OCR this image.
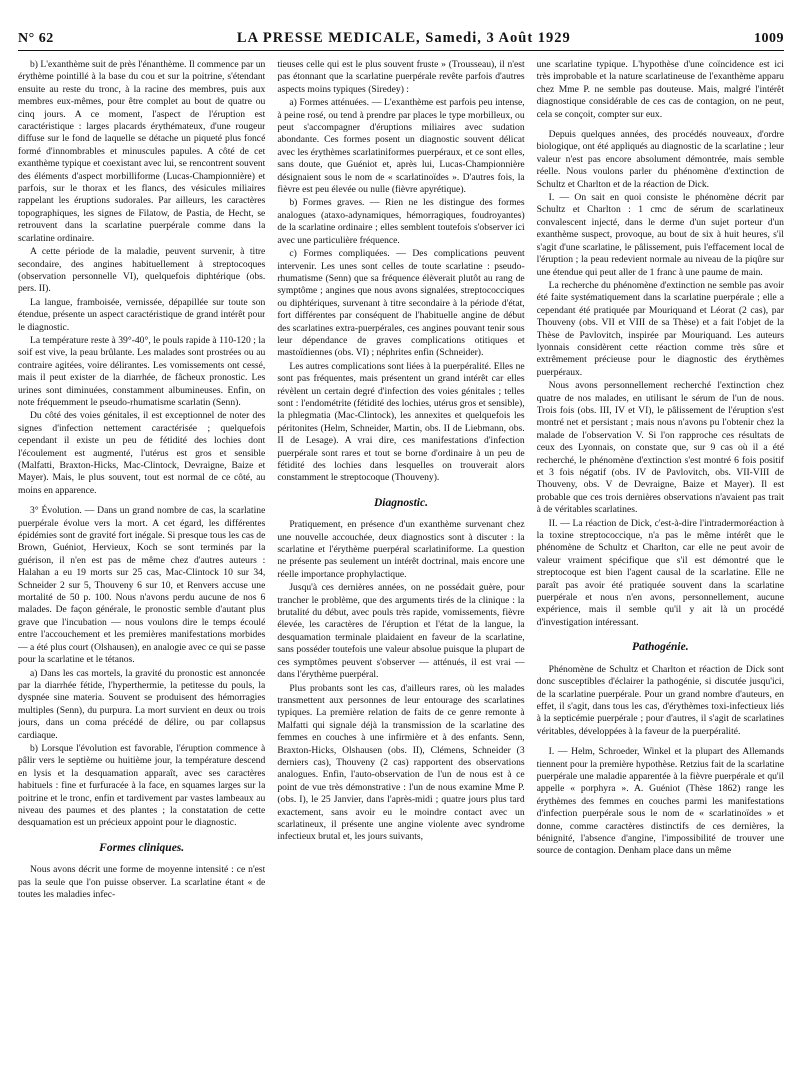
N° 62	LA PRESSE MEDICALE, Samedi, 3 Août 1929	1009

b) L'exanthème suit de près l'énanthème. Il commence par un érythème pointillé à la base du cou et sur la poitrine, s'étendant ensuite au reste du tronc, à la racine des membres, puis aux membres eux-mêmes, pour être complet au bout de quatre ou cinq jours. A ce moment, l'aspect de l'éruption est caractéristique : larges placards érythémateux, d'une rougeur diffuse sur le fond de laquelle se détache un piqueté plus foncé formé d'innombrables et minuscules papules. A côté de cet exanthème typique et coexistant avec lui, se rencontrent souvent des éléments d'aspect morbilliforme (Lucas-Championnière) et parfois, sur le thorax et les flancs, des vésicules miliaires rappelant les éruptions sudorales. Par ailleurs, les caractères topographiques, les signes de Filatow, de Pastia, de Hecht, se retrouvent dans la scarlatine puerpérale comme dans la scarlatine ordinaire.

A cette période de la maladie, peuvent survenir, à titre secondaire, des angines habituellement à streptocoques (observation personnelle VI), quelquefois diphtérique (obs. pers. II).

La langue, framboisée, vernissée, dépapillée sur toute son étendue, présente un aspect caractéristique de grand intérêt pour le diagnostic.

La température reste à 39°-40°, le pouls rapide à 110-120 ; la soif est vive, la peau brûlante. Les malades sont prostrées ou au contraire agitées, voire délirantes. Les vomissements ont cessé, mais il peut exister de la diarrhée, de fâcheux pronostic. Les urines sont diminuées, constamment albumineuses. Enfin, on note fréquemment le pseudo-rhumatisme scarlatin (Senn).

Du côté des voies génitales, il est exceptionnel de noter des signes d'infection nettement caractérisée ; quelquefois cependant il existe un peu de fétidité des lochies dont l'écoulement est augmenté, l'utérus est gros et sensible (Malfatti, Braxton-Hicks, Mac-Clintock, Devraigne, Baize et Mayer). Mais, le plus souvent, tout est normal de ce côté, au moins en apparence.

3° Évolution. — Dans un grand nombre de cas, la scarlatine puerpérale évolue vers la mort. A cet égard, les différentes épidémies sont de gravité fort inégale. Si presque tous les cas de Brown, Guéniot, Hervieux, Koch se sont terminés par la guérison, il n'en est pas de même chez d'autres auteurs : Halahan a eu 19 morts sur 25 cas, Mac-Clintock 10 sur 34, Schneider 2 sur 5, Thouveny 6 sur 10, et Renvers accuse une mortalité de 50 p. 100. Nous n'avons perdu aucune de nos 6 malades. De façon générale, le pronostic semble d'autant plus grave que l'incubation — nous voulons dire le temps écoulé entre l'accouchement et les premières manifestations morbides — a été plus court (Olshausen), en analogie avec ce qui se passe pour la scarlatine et le tétanos.

a) Dans les cas mortels, la gravité du pronostic est annoncée par la diarrhée fétide, l'hyperthermie, la petitesse du pouls, la dyspnée sine materia. Souvent se produisent des hémorragies multiples (Senn), du purpura. La mort survient en deux ou trois jours, dans un coma précédé de délire, ou par collapsus cardiaque.

b) Lorsque l'évolution est favorable, l'éruption commence à pâlir vers le septième ou huitième jour, la température descend en lysis et la desquamation apparaît, avec ses caractères habituels : fine et furfuracée à la face, en squames larges sur la poitrine et le tronc, enfin et tardivement par vastes lambeaux au niveau des paumes et des plantes ; la constatation de cette desquamation est un précieux appoint pour le diagnostic.

Formes cliniques.

Nous avons décrit une forme de moyenne intensité : ce n'est pas la seule que l'on puisse observer. La scarlatine étant « de toutes les maladies infec-

tieuses celle qui est le plus souvent fruste » (Trousseau), il n'est pas étonnant que la scarlatine puerpérale revête parfois d'autres aspects moins typiques (Siredey) :

a) Formes atténuées. — L'exanthème est parfois peu intense, à peine rosé, ou tend à prendre par places le type morbilleux, ou peut s'accompagner d'éruptions miliaires avec sudation abondante. Ces formes posent un diagnostic souvent délicat avec les érythèmes scarlatiniformes puerpéraux, et ce sont elles, sans doute, que Guéniot et, après lui, Lucas-Championnière désignaient sous le nom de « scarlatinoïdes ». D'autres fois, la fièvre est peu élevée ou nulle (fièvre apyrétique).

b) Formes graves. — Rien ne les distingue des formes analogues (ataxo-adynamiques, hémorragiques, foudroyantes) de la scarlatine ordinaire ; elles semblent toutefois s'observer ici avec une particulière fréquence.

c) Formes compliquées. — Des complications peuvent intervenir. Les unes sont celles de toute scarlatine : pseudo-rhumatisme (Senn) que sa fréquence élèverait plutôt au rang de symptôme ; angines que nous avons signalées, streptococciques ou diphtériques, survenant à titre secondaire à la période d'état, fort différentes par conséquent de l'habituelle angine de début des scarlatines extra-puerpérales, ces angines pouvant tenir sous leur dépendance de graves complications otitiques et mastoïdiennes (obs. VI) ; néphrites enfin (Schneider).

Les autres complications sont liées à la puerpéralité. Elles ne sont pas fréquentes, mais présentent un grand intérêt car elles révèlent un certain degré d'infection des voies génitales ; telles sont : l'endométrite (fétidité des lochies, utérus gros et sensible), la phlegmatia (Mac-Clintock), les annexites et quelquefois les péritonites (Helm, Schneider, Martin, obs. II de Liebmann, obs. II de Lesage). A vrai dire, ces manifestations d'infection puerpérale sont rares et tout se borne d'ordinaire à un peu de fétidité des lochies dans lesquelles on trouverait alors constamment le streptocoque (Thouveny).

Diagnostic.

Pratiquement, en présence d'un exanthème survenant chez une nouvelle accouchée, deux diagnostics sont à discuter : la scarlatine et l'érythème puerpéral scarlatiniforme. La question ne présente pas seulement un intérêt doctrinal, mais encore une réelle importance prophylactique.

Jusqu'à ces dernières années, on ne possédait guère, pour trancher le problème, que des arguments tirés de la clinique : la brutalité du début, avec pouls très rapide, vomissements, fièvre élevée, les caractères de l'éruption et l'état de la langue, la desquamation terminale plaidaient en faveur de la scarlatine, sans posséder toutefois une valeur absolue puisque la plupart de ces symptômes peuvent s'observer — atténués, il est vrai — dans l'érythème puerpéral.

Plus probants sont les cas, d'ailleurs rares, où les malades transmettent aux personnes de leur entourage des scarlatines typiques. La première relation de faits de ce genre remonte à Malfatti qui signale déjà la transmission de la scarlatine des femmes en couches à une infirmière et à des enfants. Senn, Braxton-Hicks, Olshausen (obs. II), Clémens, Schneider (3 derniers cas), Thouveny (2 cas) rapportent des observations analogues. Enfin, l'auto-observation de l'un de nous est à ce point de vue très démonstrative : l'un de nous examine Mme P. (obs. I), le 25 Janvier, dans l'après-midi ; quatre jours plus tard exactement, sans avoir eu le moindre contact avec un scarlatineux, il présente une angine violente avec syndrome infectieux brutal et, les jours suivants,

une scarlatine typique. L'hypothèse d'une coïncidence est ici très improbable et la nature scarlatineuse de l'exanthème apparu chez Mme P. ne semble pas douteuse. Mais, malgré l'intérêt diagnostique considérable de ces cas de contagion, on ne peut, cela se conçoit, compter sur eux.

Depuis quelques années, des procédés nouveaux, d'ordre biologique, ont été appliqués au diagnostic de la scarlatine ; leur valeur n'est pas encore absolument démontrée, mais semble réelle. Nous voulons parler du phénomène d'extinction de Schultz et Charlton et de la réaction de Dick.

I. — On sait en quoi consiste le phénomène décrit par Schultz et Charlton : 1 cmc de sérum de scarlatineux convalescent injecté, dans le derme d'un sujet porteur d'un exanthème suspect, provoque, au bout de six à huit heures, s'il s'agit d'une scarlatine, le pâlissement, puis l'effacement local de l'éruption ; la peau redevient normale au niveau de la piqûre sur une étendue qui peut aller de 1 franc à une paume de main.

La recherche du phénomène d'extinction ne semble pas avoir été faite systématiquement dans la scarlatine puerpérale ; elle a cependant été pratiquée par Mouriquand et Léorat (2 cas), par Thouveny (obs. VII et VIII de sa Thèse) et a fait l'objet de la Thèse de Pavlovitch, inspirée par Mouriquand. Les auteurs lyonnais considèrent cette réaction comme très sûre et extrêmement précieuse pour le diagnostic des érythèmes puerpéraux.

Nous avons personnellement recherché l'extinction chez quatre de nos malades, en utilisant le sérum de l'un de nous. Trois fois (obs. III, IV et VI), le pâlissement de l'éruption s'est montré net et persistant ; mais nous n'avons pu l'obtenir chez la malade de l'observation V. Si l'on rapproche ces résultats de ceux des Lyonnais, on constate que, sur 9 cas où il a été recherché, le phénomène d'extinction s'est montré 6 fois positif et 3 fois négatif (obs. IV de Pavlovitch, obs. VII-VIII de Thouveny, obs. V de Devraigne, Baize et Mayer). Il est probable que ces trois dernières observations n'avaient pas trait à de véritables scarlatines.

II. — La réaction de Dick, c'est-à-dire l'intradermoréaction à la toxine streptococcique, n'a pas le même intérêt que le phénomène de Schultz et Charlton, car elle ne peut avoir de valeur vraiment spécifique que s'il est démontré que le streptocoque est bien l'agent causal de la scarlatine. Elle ne paraît pas avoir été pratiquée souvent dans la scarlatine puerpérale et nous n'en avons, personnellement, aucune expérience, mais il semble qu'il y ait là un procédé d'investigation intéressant.

Pathogénie.

Phénomène de Schultz et Charlton et réaction de Dick sont donc susceptibles d'éclairer la pathogénie, si discutée jusqu'ici, de la scarlatine puerpérale. Pour un grand nombre d'auteurs, en effet, il s'agit, dans tous les cas, d'érythèmes toxi-infectieux liés à la septicémie puerpérale ; pour d'autres, il s'agit de scarlatines véritables, développées à la faveur de la puerpéralité.

I. — Helm, Schroeder, Winkel et la plupart des Allemands tiennent pour la première hypothèse. Retzius fait de la scarlatine puerpérale une maladie apparentée à la fièvre puerpérale et qu'il appelle « porphyra ». A. Guéniot (Thèse 1862) range les érythèmes des femmes en couches parmi les manifestations d'infection puerpérale sous le nom de « scarlatinoïdes » et donne, comme caractères distinctifs de ces dernières, la bénignité, l'absence d'angine, l'impossibilité de trouver une source de contagion. Denham place dans un même
